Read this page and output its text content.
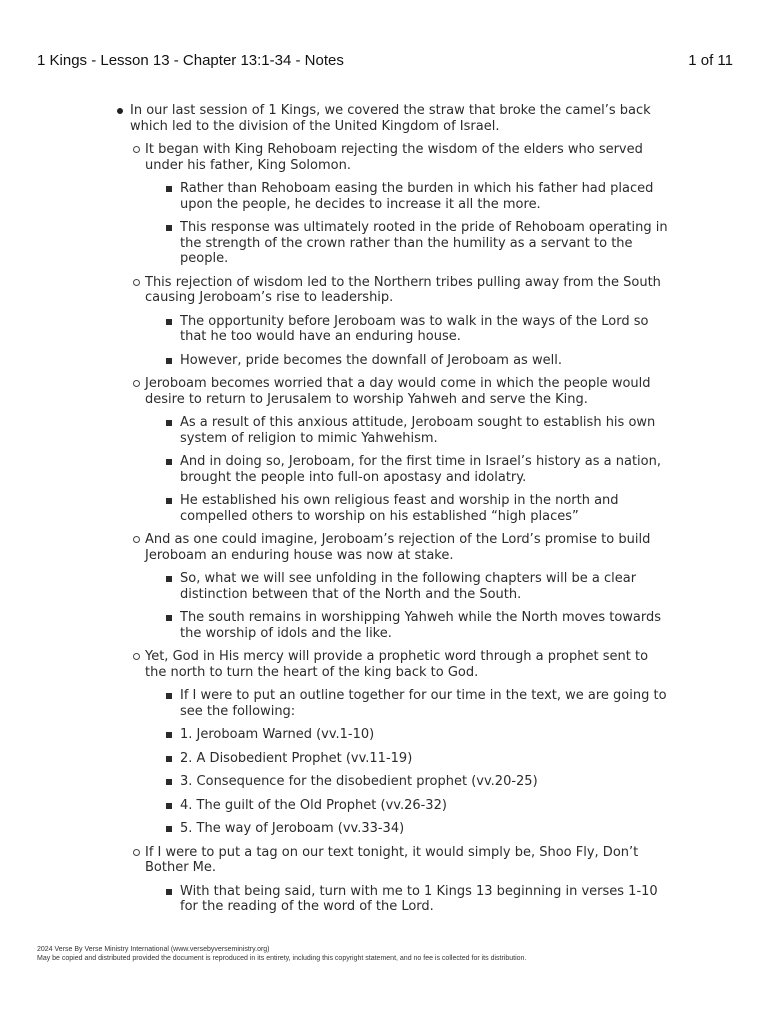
1 Kings - Lesson 13 - Chapter 13:1-34 - Notes	1 of 11
In our last session of 1 Kings, we covered the straw that broke the camel’s back which led to the division of the United Kingdom of Israel.
It began with King Rehoboam rejecting the wisdom of the elders who served under his father, King Solomon.
Rather than Rehoboam easing the burden in which his father had placed upon the people, he decides to increase it all the more.
This response was ultimately rooted in the pride of Rehoboam operating in the strength of the crown rather than the humility as a servant to the people.
This rejection of wisdom led to the Northern tribes pulling away from the South causing Jeroboam’s rise to leadership.
The opportunity before Jeroboam was to walk in the ways of the Lord so that he too would have an enduring house.
However, pride becomes the downfall of Jeroboam as well.
Jeroboam becomes worried that a day would come in which the people would desire to return to Jerusalem to worship Yahweh and serve the King.
As a result of this anxious attitude, Jeroboam sought to establish his own system of religion to mimic Yahwehism.
And in doing so, Jeroboam, for the first time in Israel’s history as a nation, brought the people into full-on apostasy and idolatry.
He established his own religious feast and worship in the north and compelled others to worship on his established “high places”
And as one could imagine, Jeroboam’s rejection of the Lord’s promise to build Jeroboam an enduring house was now at stake.
So, what we will see unfolding in the following chapters will be a clear distinction between that of the North and the South.
The south remains in worshipping Yahweh while the North moves towards the worship of idols and the like.
Yet, God in His mercy will provide a prophetic word through a prophet sent to the north to turn the heart of the king back to God.
If I were to put an outline together for our time in the text, we are going to see the following:
1. Jeroboam Warned (vv.1-10)
2. A Disobedient Prophet (vv.11-19)
3. Consequence for the disobedient prophet (vv.20-25)
4. The guilt of the Old Prophet (vv.26-32)
5. The way of Jeroboam (vv.33-34)
If I were to put a tag on our text tonight, it would simply be, Shoo Fly, Don’t Bother Me.
With that being said, turn with me to 1 Kings 13 beginning in verses 1-10 for the reading of the word of the Lord.
2024 Verse By Verse Ministry International (www.versebyverseministry.org)
May be copied and distributed provided the document is reproduced in its entirety, including this copyright statement, and no fee is collected for its distribution.
